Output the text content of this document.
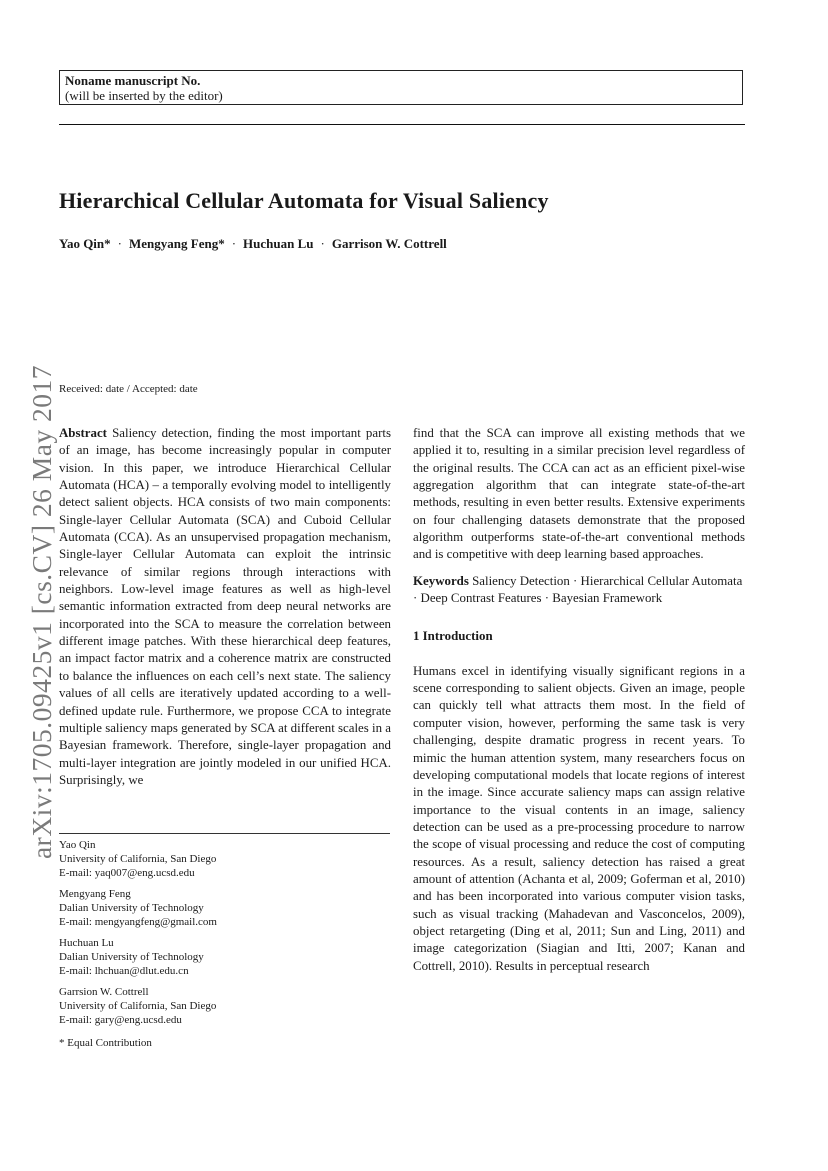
Noname manuscript No.
(will be inserted by the editor)
arXiv:1705.09425v1 [cs.CV] 26 May 2017
Hierarchical Cellular Automata for Visual Saliency
Yao Qin* · Mengyang Feng* · Huchuan Lu · Garrison W. Cottrell
Received: date / Accepted: date

Abstract Saliency detection, finding the most important parts of an image, has become increasingly popular in computer vision. In this paper, we introduce Hierarchical Cellular Automata (HCA) – a temporally evolving model to intelligently detect salient objects. HCA consists of two main components: Single-layer Cellular Automata (SCA) and Cuboid Cellular Automata (CCA). As an unsupervised propagation mechanism, Single-layer Cellular Automata can exploit the intrinsic relevance of similar regions through interactions with neighbors. Low-level image features as well as high-level semantic information extracted from deep neural networks are incorporated into the SCA to measure the correlation between different image patches. With these hierarchical deep features, an impact factor matrix and a coherence matrix are constructed to balance the influences on each cell’s next state. The saliency values of all cells are iteratively updated according to a well-defined update rule. Furthermore, we propose CCA to integrate multiple saliency maps generated by SCA at different scales in a Bayesian framework. Therefore, single-layer propagation and multi-layer integration are jointly modeled in our unified HCA. Surprisingly, we

find that the SCA can improve all existing methods that we applied it to, resulting in a similar precision level regardless of the original results. The CCA can act as an efficient pixel-wise aggregation algorithm that can integrate state-of-the-art methods, resulting in even better results. Extensive experiments on four challenging datasets demonstrate that the proposed algorithm outperforms state-of-the-art conventional methods and is competitive with deep learning based approaches.

Keywords Saliency Detection · Hierarchical Cellular Automata · Deep Contrast Features · Bayesian Framework

1 Introduction

Humans excel in identifying visually significant regions in a scene corresponding to salient objects. Given an image, people can quickly tell what attracts them most. In the field of computer vision, however, performing the same task is very challenging, despite dramatic progress in recent years. To mimic the human attention system, many researchers focus on developing computational models that locate regions of interest in the image. Since accurate saliency maps can assign relative importance to the visual contents in an image, saliency detection can be used as a pre-processing procedure to narrow the scope of visual processing and reduce the cost of computing resources. As a result, saliency detection has raised a great amount of attention (Achanta et al, 2009; Goferman et al, 2010) and has been incorporated into various computer vision tasks, such as visual tracking (Mahadevan and Vasconcelos, 2009), object retargeting (Ding et al, 2011; Sun and Ling, 2011) and image categorization (Siagian and Itti, 2007; Kanan and Cottrell, 2010). Results in perceptual research

Yao Qin
University of California, San Diego
E-mail: yaq007@eng.ucsd.edu
Mengyang Feng
Dalian University of Technology
E-mail: mengyangfeng@gmail.com
Huchuan Lu
Dalian University of Technology
E-mail: lhchuan@dlut.edu.cn
Garrsion W. Cottrell
University of California, San Diego
E-mail: gary@eng.ucsd.edu
* Equal Contribution
